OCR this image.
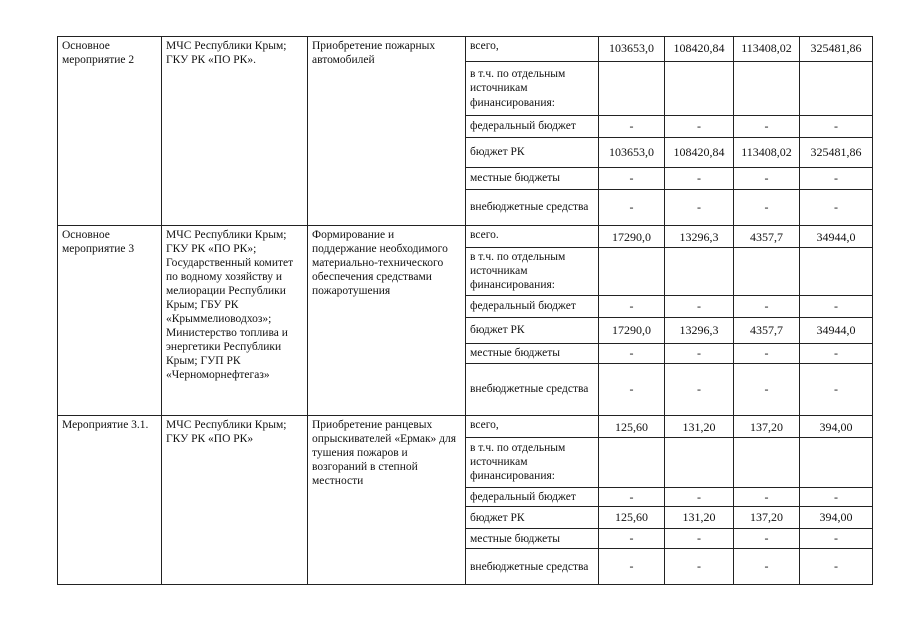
Основное мероприятие 2	МЧС Республики Крым; ГКУ РК «ПО РК».	Приобретение пожарных автомобилей	всего,	103653,0	108420,84	113408,02	325481,86
			в т.ч. по отдельным источникам финансирования:				
			федеральный бюджет	-	-	-	-
			бюджет РК	103653,0	108420,84	113408,02	325481,86
			местные бюджеты	-	-	-	-
			внебюджетные средства	-	-	-	-
Основное мероприятие 3	МЧС Республики Крым; ГКУ РК «ПО РК»; Государственный комитет по водному хозяйству и мелиорации Республики Крым; ГБУ РК «Крыммелиоводхоз»; Министерство топлива и энергетики Республики Крым; ГУП РК «Черноморнефтегаз»	Формирование и поддержание необходимого материально-технического обеспечения средствами пожаротушения	всего.	17290,0	13296,3	4357,7	34944,0
			в т.ч. по отдельным источникам финансирования:				
			федеральный бюджет	-	-	-	-
			бюджет РК	17290,0	13296,3	4357,7	34944,0
			местные бюджеты	-	-	-	-
			внебюджетные средства	-	-	-	-
Мероприятие 3.1.	МЧС Республики Крым; ГКУ РК «ПО РК»	Приобретение ранцевых опрыскивателей «Ермак» для тушения пожаров и возгораний в степной местности	всего,	125,60	131,20	137,20	394,00
			в т.ч. по отдельным источникам финансирования:				
			федеральный бюджет	-	-	-	-
			бюджет РК	125,60	131,20	137,20	394,00
			местные бюджеты	-	-	-	-
			внебюджетные средства	-	-	-	-
